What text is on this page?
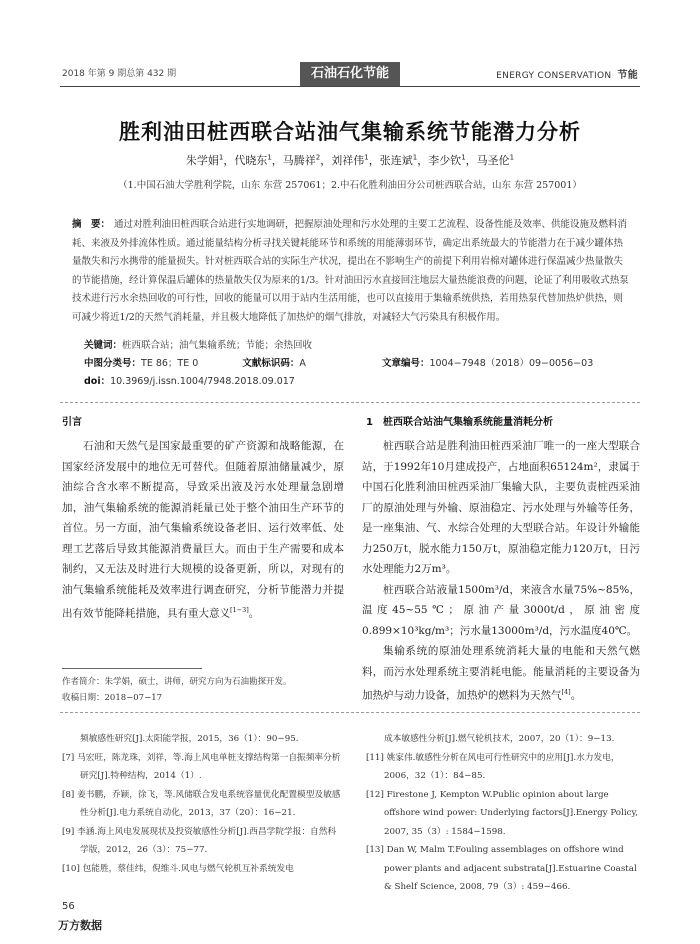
2018 年第 9 期总第 432 期	石油石化节能	ENERGY CONSERVATION 节能
胜利油田桩西联合站油气集输系统节能潜力分析
朱学娟$^1$，代晓东$^1$，马腾祥$^2$，刘祥伟$^1$，张连斌$^1$，李少钦$^1$，马圣伦$^1$
（1.中国石油大学胜利学院，山东 东营 257061；2.中石化胜利油田分公司桩西联合站，山东 东营 257001）
摘　要： 通过对胜利油田桩西联合站进行实地调研，把握原油处理和污水处理的主要工艺流程、设备性能及效率、供能设施及燃料消耗、来液及外排流体性质。通过能量结构分析寻找关键耗能环节和系统的用能薄弱环节，确定出系统最大的节能潜力在于减少罐体热量散失和污水携带的能量损失。针对桩西联合站的实际生产状况，提出在不影响生产的前提下利用岩棉对罐体进行保温减少热量散失的节能措施，经计算保温后罐体的热量散失仅为原来的1/3。针对油田污水直接回注地层大量热能浪费的问题，论证了利用吸收式热泵技术进行污水余热回收的可行性，回收的能量可以用于站内生活用能，也可以直接用于集输系统供热，若用热泵代替加热炉供热，则可减少将近1/2的天然气消耗量，并且极大地降低了加热炉的烟气排放，对减轻大气污染具有积极作用。
关键词：桩西联合站；油气集输系统；节能；余热回收
中图分类号：TE 86；TE 0	文献标识码：A	文章编号：1004−7948（2018）09−0056−03
doi：10.3969/j.issn.1004/7948.2018.09.017
引言

石油和天然气是国家最重要的矿产资源和战略能源，在国家经济发展中的地位无可替代。但随着原油储量减少，原油综合含水率不断提高，导致采出液及污水处理量急剧增加，油气集输系统的能源消耗量已处于整个油田生产环节的首位。另一方面，油气集输系统设备老旧、运行效率低、处理工艺落后导致其能源消费量巨大。而由于生产需要和成本制约，又无法及时进行大规模的设备更新，所以，对现有的油气集输系统能耗及效率进行调查研究，分析节能潜力并提出有效节能降耗措施，具有重大意义[1−3]。

1　桩西联合站油气集输系统能量消耗分析

桩西联合站是胜利油田桩西采油厂唯一的一座大型联合站，于1992年10月建成投产，占地面积65124m²，隶属于中国石化胜利油田桩西采油厂集输大队，主要负责桩西采油厂的原油处理与外输、原油稳定、污水处理与外输等任务，是一座集油、气、水综合处理的大型联合站。年设计外输能力250万t，脱水能力150万t，原油稳定能力120万t，日污水处理能力2万m³。

桩西联合站液量1500m³/d，来液含水量75%~85%，温度45~55℃；原油产量3000t/d，原油密度0.899×10³kg/m³；污水量13000m³/d，污水温度40℃。

集输系统的原油处理系统消耗大量的电能和天然气燃料，而污水处理系统主要消耗电能。能量消耗的主要设备为加热炉与动力设备，加热炉的燃料为天然气[4]。

作者简介：朱学娟，硕士，讲师，研究方向为石油勘探开发。
收稿日期：2018−07−17

频敏感性研究[J].太阳能学报，2015，36（1）：90−95.

[7] 马宏旺，陈龙珠，刘祥，等.海上风电单桩支撑结构第一自振频率分析研究[J].特种结构，2014（1）.

[8] 姜书鹏，乔颖，徐飞，等.风储联合发电系统容量优化配置模型及敏感性分析[J].电力系统自动化，2013，37（20）：16−21.

[9] 李涵.海上风电发展现状及投资敏感性分析[J].西昌学院学报：自然科学版，2012，26（3）：75−77.

[10] 包能胜，蔡佳纬，倪维斗.风电与燃气轮机互补系统发电

成本敏感性分析[J].燃气轮机技术，2007，20（1）：9−13.

[11] 姚家伟.敏感性分析在风电可行性研究中的应用[J].水力发电，2006，32（1）：84−85.

[12] Firestone J, Kempton W.Public opinion about large offshore wind power: Underlying factors[J].Energy Policy, 2007, 35（3）: 1584−1598.

[13] Dan W, Malm T.Fouling assemblages on offshore wind power plants and adjacent substrata[J].Estuarine Coastal & Shelf Science, 2008, 79（3）: 459−466.

56
万方数据
